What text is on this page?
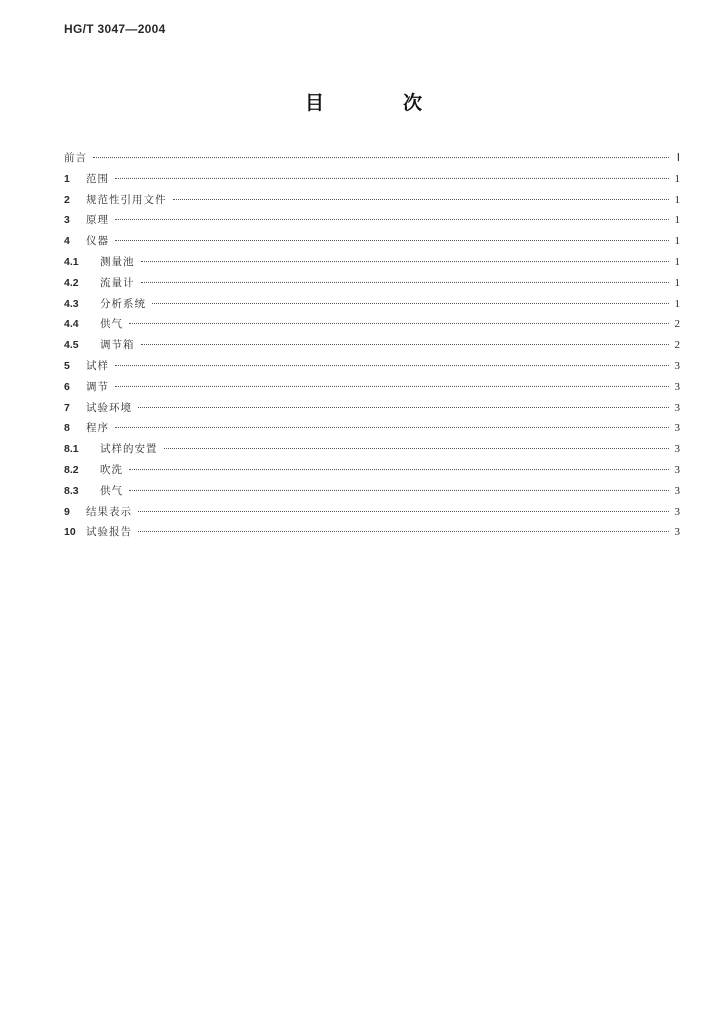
HG/T 3047—2004
目　次
前言	Ⅰ
1	范围	1
2	规范性引用文件	1
3	原理	1
4	仪器	1
4.1	测量池	1
4.2	流量计	1
4.3	分析系统	1
4.4	供气	2
4.5	调节箱	2
5	试样	3
6	调节	3
7	试验环境	3
8	程序	3
8.1	试样的安置	3
8.2	吹洗	3
8.3	供气	3
9	结果表示	3
10 试验报告	3
